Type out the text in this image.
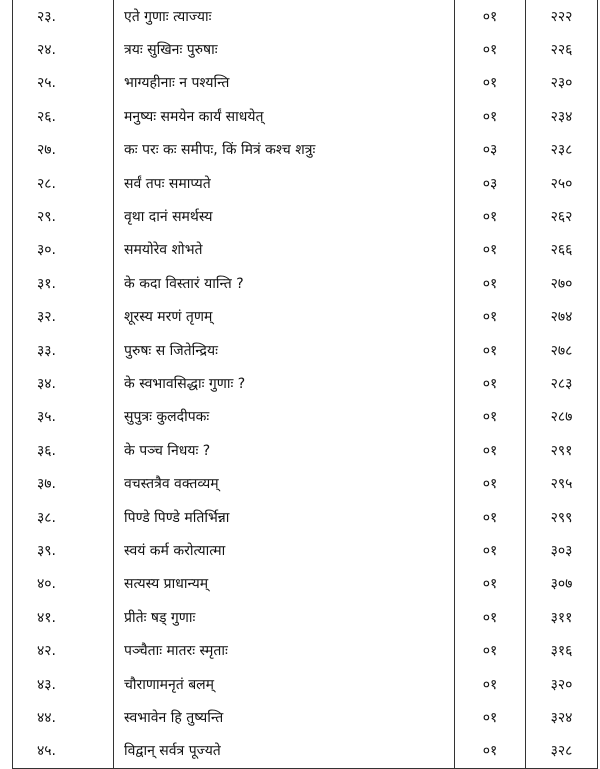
२३.	एते गुणाः त्याज्याः	०१	२२२
२४.	त्रयः सुखिनः पुरुषाः	०१	२२६
२५.	भाग्यहीनाः न पश्यन्ति	०१	२३०
२६.	मनुष्यः समयेन कार्यं साधयेत्	०१	२३४
२७.	कः परः कः समीपः, किं मित्रं कश्च शत्रुः	०३	२३८
२८.	सर्वं तपः समाप्यते	०३	२५०
२९.	वृथा दानं समर्थस्य	०१	२६२
३०.	समयोरेव शोभते	०१	२६६
३१.	के कदा विस्तारं यान्ति ?	०१	२७०
३२.	शूरस्य मरणं तृणम्	०१	२७४
३३.	पुरुषः स जितेन्द्रियः	०१	२७८
३४.	के स्वभावसिद्धाः गुणाः ?	०१	२८३
३५.	सुपुत्रः कुलदीपकः	०१	२८७
३६.	के पञ्च निधयः ?	०१	२९१
३७.	वचस्तत्रैव वक्तव्यम्	०१	२९५
३८.	पिण्डे पिण्डे मतिर्भिन्ना	०१	२९९
३९.	स्वयं कर्म करोत्यात्मा	०१	३०३
४०.	सत्यस्य प्राधान्यम्	०१	३०७
४१.	प्रीतेः षड् गुणाः	०१	३११
४२.	पञ्चैताः मातरः स्मृताः	०१	३१६
४३.	चौराणामनृतं बलम्	०१	३२०
४४.	स्वभावेन हि तुष्यन्ति	०१	३२४
४५.	विद्वान् सर्वत्र पूज्यते	०१	३२८
